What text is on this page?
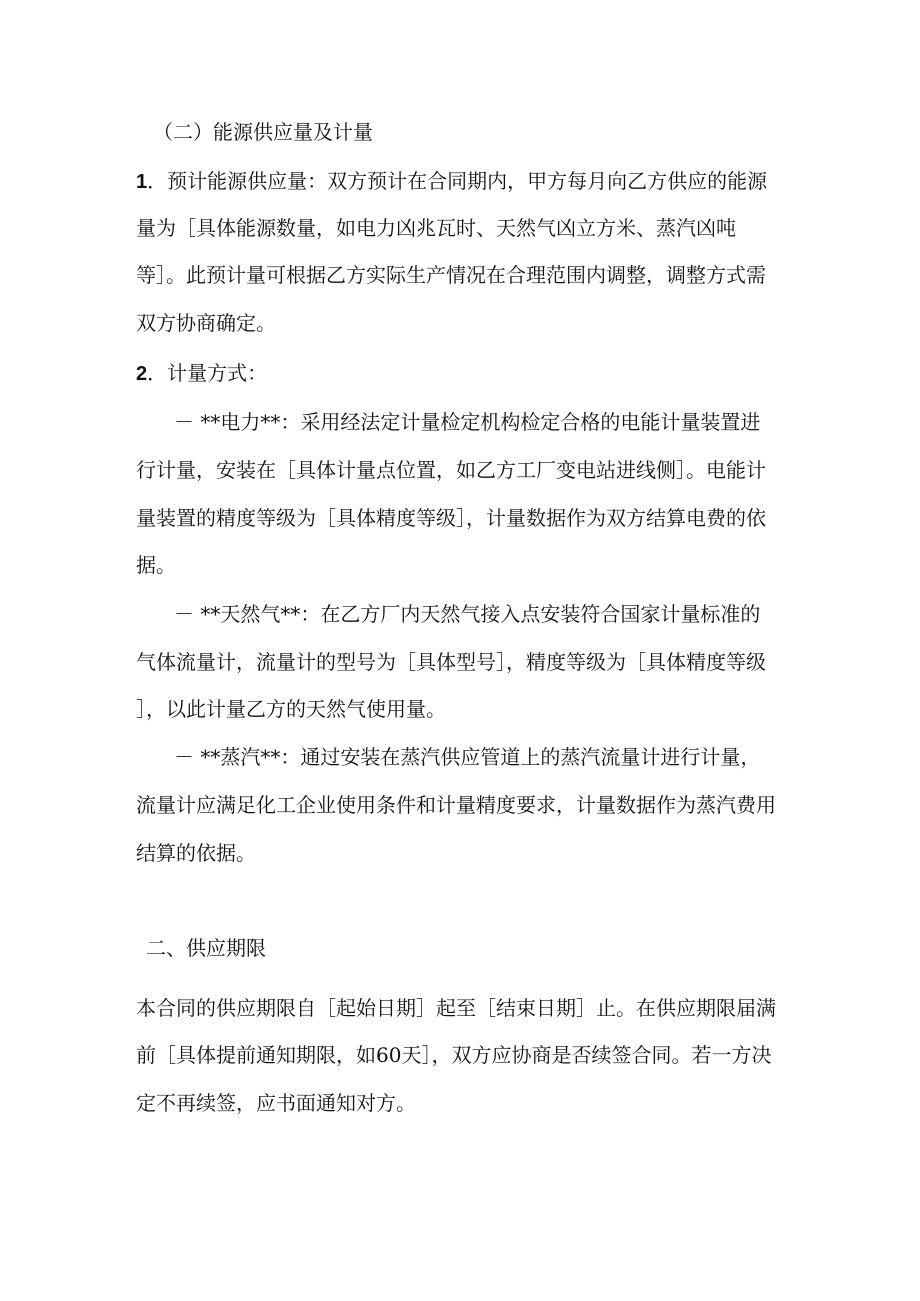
（二）能源供应量及计量
1．预计能源供应量：双方预计在合同期内，甲方每月向乙方供应的能源
量为［具体能源数量，如电力凶兆瓦时、天然气凶立方米、蒸汽凶吨
等］。此预计量可根据乙方实际生产情况在合理范围内调整，调整方式需
双方协商确定。
2．计量方式：
－ **电力**：采用经法定计量检定机构检定合格的电能计量装置进
行计量，安装在［具体计量点位置，如乙方工厂变电站进线侧］。电能计
量装置的精度等级为［具体精度等级］，计量数据作为双方结算电费的依
据。
－ **天然气**：在乙方厂内天然气接入点安装符合国家计量标准的
气体流量计，流量计的型号为［具体型号］，精度等级为［具体精度等级
］，以此计量乙方的天然气使用量。
－ **蒸汽**：通过安装在蒸汽供应管道上的蒸汽流量计进行计量，
流量计应满足化工企业使用条件和计量精度要求，计量数据作为蒸汽费用
结算的依据。
二、供应期限
本合同的供应期限自［起始日期］起至［结束日期］止。在供应期限届满
前［具体提前通知期限，如60天］，双方应协商是否续签合同。若一方决
定不再续签，应书面通知对方。
